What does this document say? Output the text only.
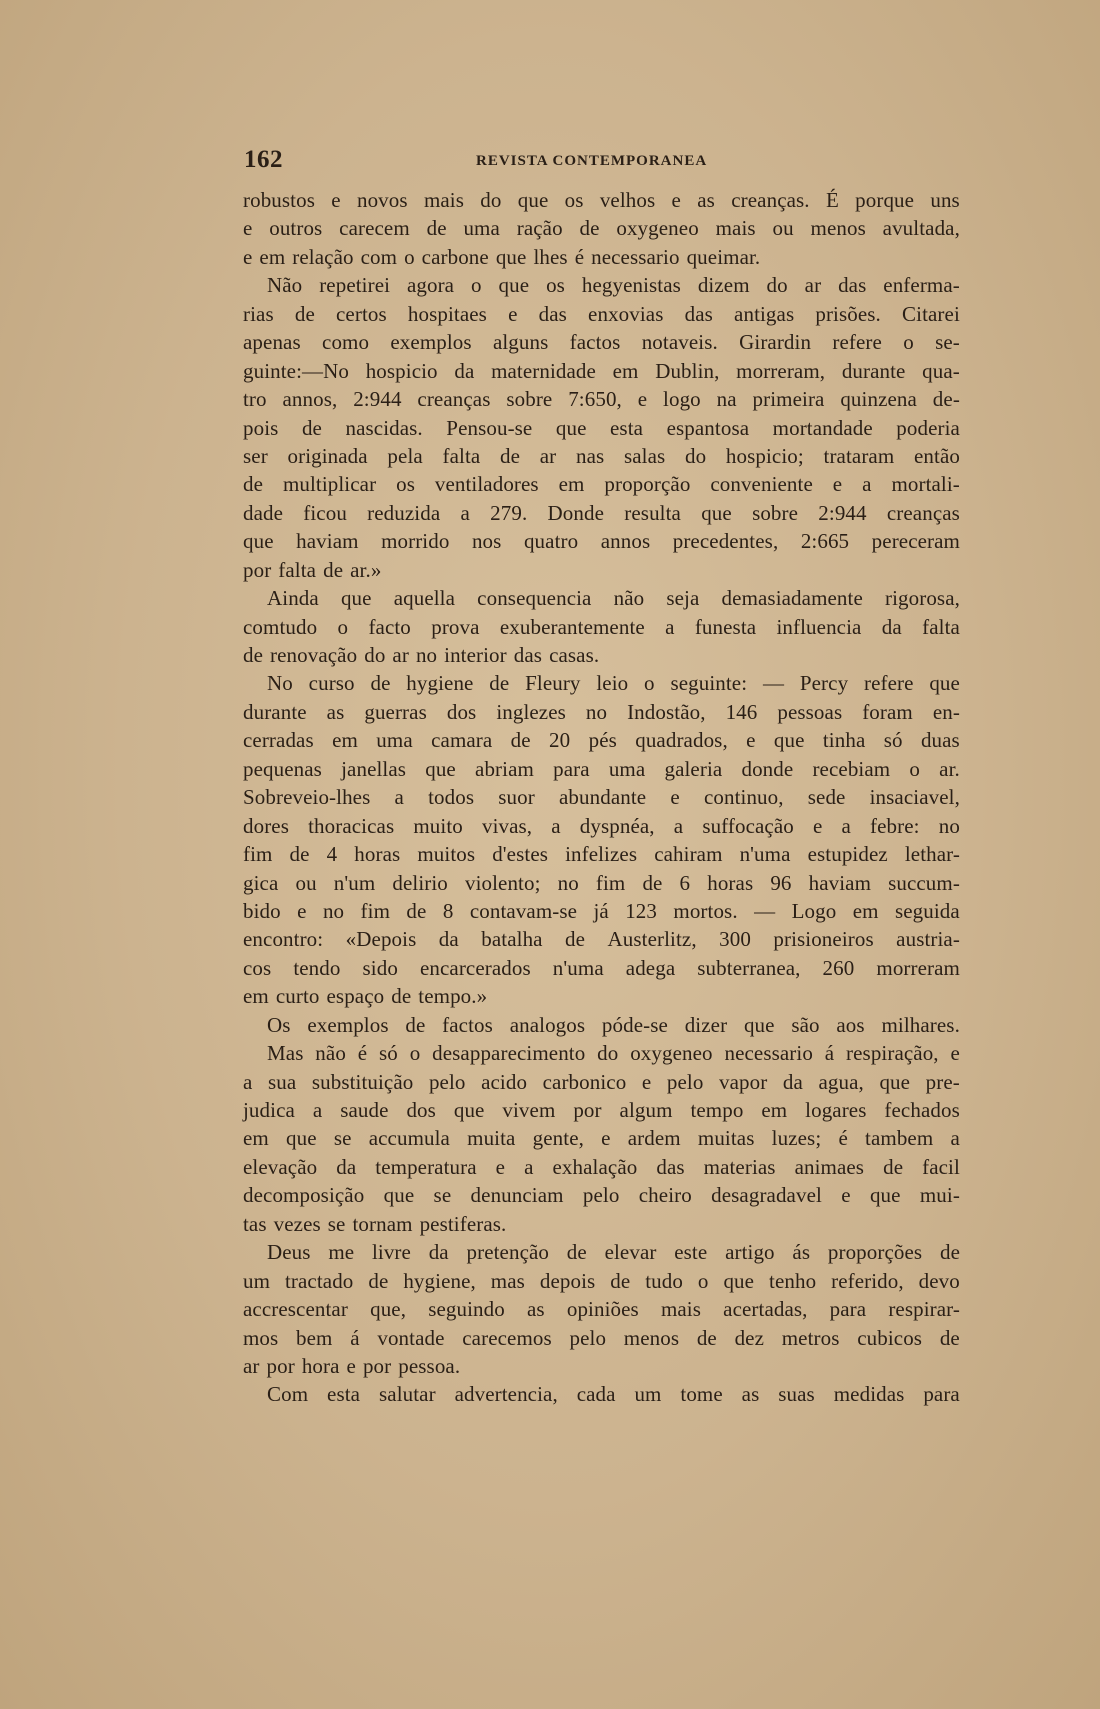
162	REVISTA CONTEMPORANEA
robustos e novos mais do que os velhos e as creanças. É porque uns
e outros carecem de uma ração de oxygeneo mais ou menos avultada,
e em relação com o carbone que lhes é necessario queimar.
Não repetirei agora o que os hegyenistas dizem do ar das enferma-
rias de certos hospitaes e das enxovias das antigas prisões. Citarei
apenas como exemplos alguns factos notaveis. Girardin refere o se-
guinte:—No hospicio da maternidade em Dublin, morreram, durante qua-
tro annos, 2:944 creanças sobre 7:650, e logo na primeira quinzena de-
pois de nascidas. Pensou-se que esta espantosa mortandade poderia
ser originada pela falta de ar nas salas do hospicio; trataram então
de multiplicar os ventiladores em proporção conveniente e a mortali-
dade ficou reduzida a 279. Donde resulta que sobre 2:944 creanças
que haviam morrido nos quatro annos precedentes, 2:665 pereceram
por falta de ar.»
Ainda que aquella consequencia não seja demasiadamente rigorosa,
comtudo o facto prova exuberantemente a funesta influencia da falta
de renovação do ar no interior das casas.
No curso de hygiene de Fleury leio o seguinte: — Percy refere que
durante as guerras dos inglezes no Indostão, 146 pessoas foram en-
cerradas em uma camara de 20 pés quadrados, e que tinha só duas
pequenas janellas que abriam para uma galeria donde recebiam o ar.
Sobreveio-lhes a todos suor abundante e continuo, sede insaciavel,
dores thoracicas muito vivas, a dyspnéa, a suffocação e a febre: no
fim de 4 horas muitos d'estes infelizes cahiram n'uma estupidez lethar-
gica ou n'um delirio violento; no fim de 6 horas 96 haviam succum-
bido e no fim de 8 contavam-se já 123 mortos. — Logo em seguida
encontro: «Depois da batalha de Austerlitz, 300 prisioneiros austria-
cos tendo sido encarcerados n'uma adega subterranea, 260 morreram
em curto espaço de tempo.»
Os exemplos de factos analogos póde-se dizer que são aos milhares.
Mas não é só o desapparecimento do oxygeneo necessario á respiração, e
a sua substituição pelo acido carbonico e pelo vapor da agua, que pre-
judica a saude dos que vivem por algum tempo em logares fechados
em que se accumula muita gente, e ardem muitas luzes; é tambem a
elevação da temperatura e a exhalação das materias animaes de facil
decomposição que se denunciam pelo cheiro desagradavel e que mui-
tas vezes se tornam pestiferas.
Deus me livre da pretenção de elevar este artigo ás proporções de
um tractado de hygiene, mas depois de tudo o que tenho referido, devo
accrescentar que, seguindo as opiniões mais acertadas, para respirar-
mos bem á vontade carecemos pelo menos de dez metros cubicos de
ar por hora e por pessoa.
Com esta salutar advertencia, cada um tome as suas medidas para
